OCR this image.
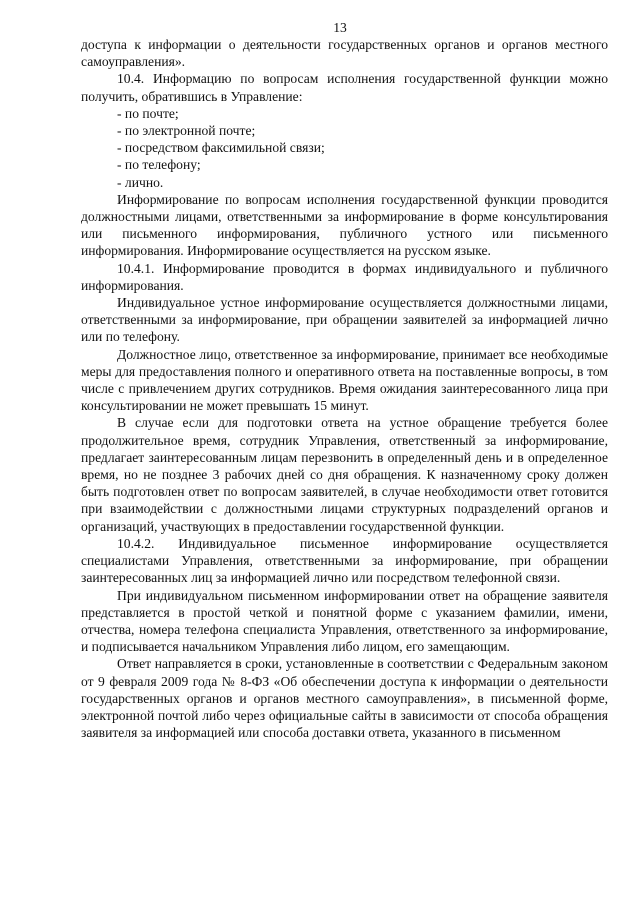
13

доступа к информации о деятельности государственных органов и органов местного самоуправления».

10.4. Информацию по вопросам исполнения государственной функции можно получить, обратившись в Управление:

- по почте;
- по электронной почте;
- посредством факсимильной связи;
- по телефону;
- лично.

Информирование по вопросам исполнения государственной функции проводится должностными лицами, ответственными за информирование в форме консультирования или письменного информирования, публичного устного или письменного информирования. Информирование осуществляется на русском языке.

10.4.1. Информирование проводится в формах индивидуального и публичного информирования.

Индивидуальное устное информирование осуществляется должностными лицами, ответственными за информирование, при обращении заявителей за информацией лично или по телефону.

Должностное лицо, ответственное за информирование, принимает все необходимые меры для предоставления полного и оперативного ответа на поставленные вопросы, в том числе с привлечением других сотрудников. Время ожидания заинтересованного лица при консультировании не может превышать 15 минут.

В случае если для подготовки ответа на устное обращение требуется более продолжительное время, сотрудник Управления, ответственный за информирование, предлагает заинтересованным лицам перезвонить в определенный день и в определенное время, но не позднее 3 рабочих дней со дня обращения. К назначенному сроку должен быть подготовлен ответ по вопросам заявителей, в случае необходимости ответ готовится при взаимодействии с должностными лицами структурных подразделений органов и организаций, участвующих в предоставлении государственной функции.

10.4.2. Индивидуальное письменное информирование осуществляется специалистами Управления, ответственными за информирование, при обращении заинтересованных лиц за информацией лично или посредством телефонной связи.

При индивидуальном письменном информировании ответ на обращение заявителя представляется в простой четкой и понятной форме с указанием фамилии, имени, отчества, номера телефона специалиста Управления, ответственного за информирование, и подписывается начальником Управления либо лицом, его замещающим.

Ответ направляется в сроки, установленные в соответствии с Федеральным законом от 9 февраля 2009 года № 8-ФЗ «Об обеспечении доступа к информации о деятельности государственных органов и органов местного самоуправления», в письменной форме, электронной почтой либо через официальные сайты в зависимости от способа обращения заявителя за информацией или способа доставки ответа, указанного в письменном
